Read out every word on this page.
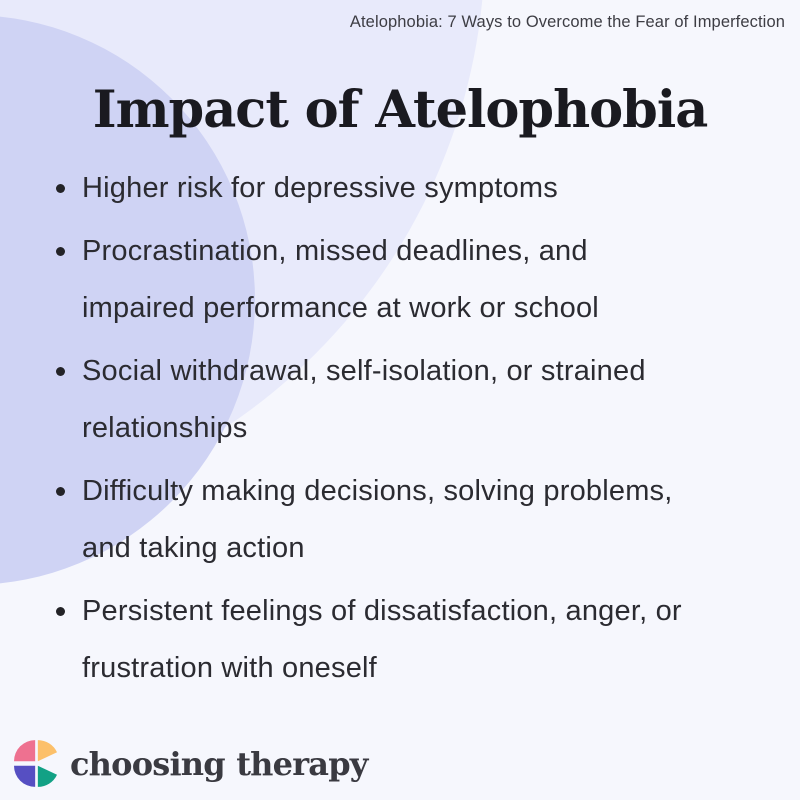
Atelophobia: 7 Ways to Overcome the Fear of Imperfection
Impact of Atelophobia
Higher risk for depressive symptoms
Procrastination, missed deadlines, and
impaired performance at work or school
Social withdrawal, self-isolation, or strained
relationships
Difficulty making decisions, solving problems,
and taking action
Persistent feelings of dissatisfaction, anger, or
frustration with oneself
choosing therapy
